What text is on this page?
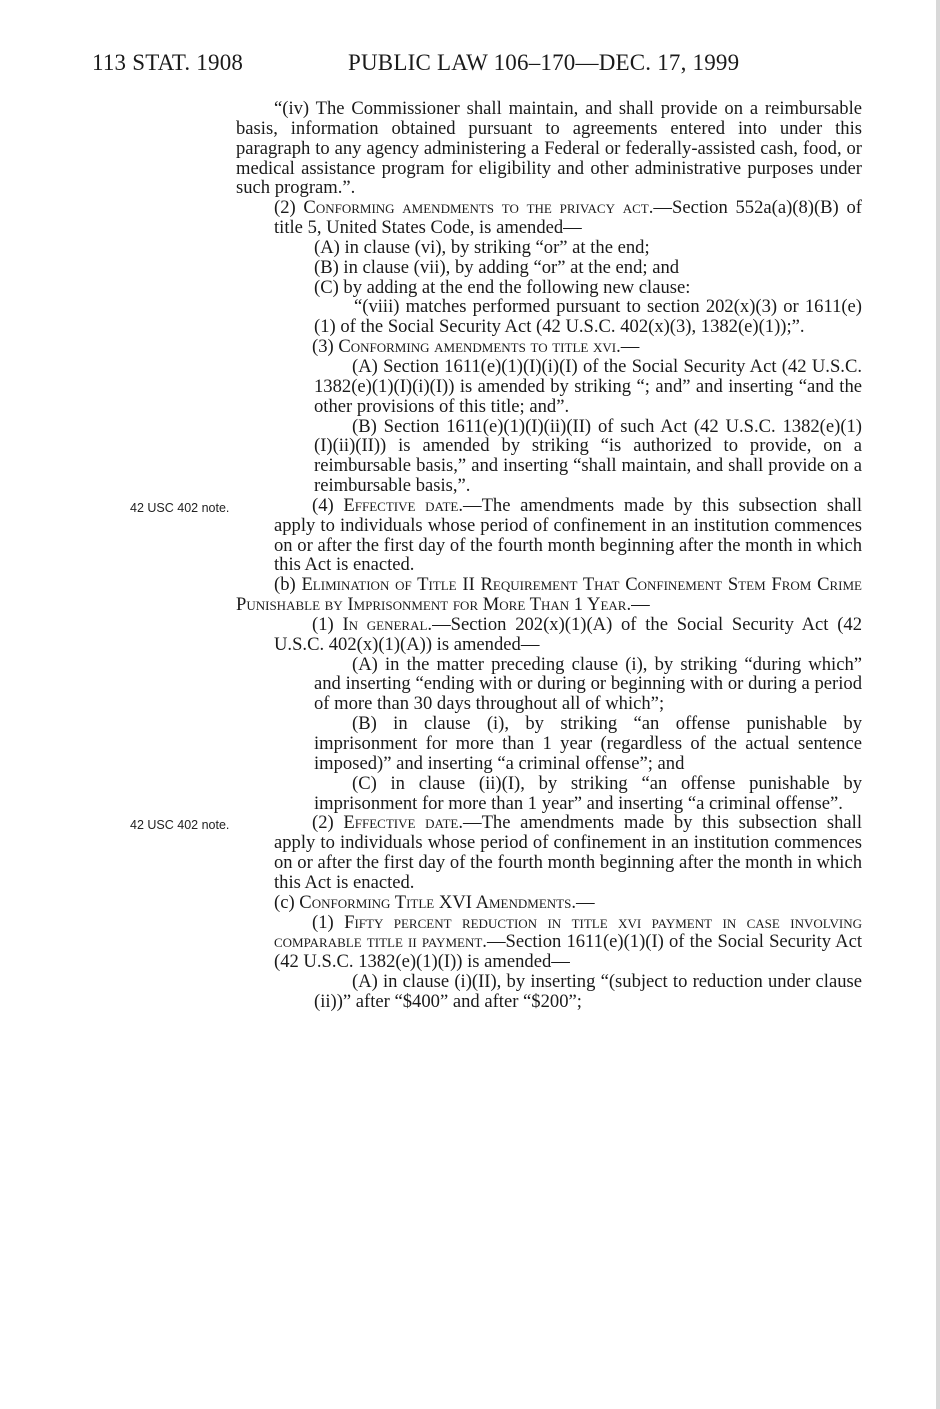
113 STAT. 1908	PUBLIC LAW 106–170—DEC. 17, 1999

“(iv) The Commissioner shall maintain, and shall provide on a reimbursable basis, information obtained pursuant to agreements entered into under this paragraph to any agency administering a Federal or federally-assisted cash, food, or medical assistance program for eligibility and other administrative purposes under such program.”.

(2) Conforming amendments to the privacy act.—Section 552a(a)(8)(B) of title 5, United States Code, is amended—

(A) in clause (vi), by striking “or” at the end;

(B) in clause (vii), by adding “or” at the end; and

(C) by adding at the end the following new clause:

“(viii) matches performed pursuant to section 202(x)(3) or 1611(e)(1) of the Social Security Act (42 U.S.C. 402(x)(3), 1382(e)(1));”.

(3) Conforming amendments to title xvi.—

(A) Section 1611(e)(1)(I)(i)(I) of the Social Security Act (42 U.S.C. 1382(e)(1)(I)(i)(I)) is amended by striking “; and” and inserting “and the other provisions of this title; and”.

(B) Section 1611(e)(1)(I)(ii)(II) of such Act (42 U.S.C. 1382(e)(1)(I)(ii)(II)) is amended by striking “is authorized to provide, on a reimbursable basis,” and inserting “shall maintain, and shall provide on a reimbursable basis,”.

42 USC 402 note.	(4) Effective date.—The amendments made by this subsection shall apply to individuals whose period of confinement in an institution commences on or after the first day of the fourth month beginning after the month in which this Act is enacted.

(b) Elimination of Title II Requirement That Confinement Stem From Crime Punishable by Imprisonment for More Than 1 Year.—

(1) In general.—Section 202(x)(1)(A) of the Social Security Act (42 U.S.C. 402(x)(1)(A)) is amended—

(A) in the matter preceding clause (i), by striking “during which” and inserting “ending with or during or beginning with or during a period of more than 30 days throughout all of which”;

(B) in clause (i), by striking “an offense punishable by imprisonment for more than 1 year (regardless of the actual sentence imposed)” and inserting “a criminal offense”; and

(C) in clause (ii)(I), by striking “an offense punishable by imprisonment for more than 1 year” and inserting “a criminal offense”.

42 USC 402 note.	(2) Effective date.—The amendments made by this subsection shall apply to individuals whose period of confinement in an institution commences on or after the first day of the fourth month beginning after the month in which this Act is enacted.

(c) Conforming Title XVI Amendments.—

(1) Fifty percent reduction in title xvi payment in case involving comparable title ii payment.—Section 1611(e)(1)(I) of the Social Security Act (42 U.S.C. 1382(e)(1)(I)) is amended—

(A) in clause (i)(II), by inserting “(subject to reduction under clause (ii))” after “$400” and after “$200”;
